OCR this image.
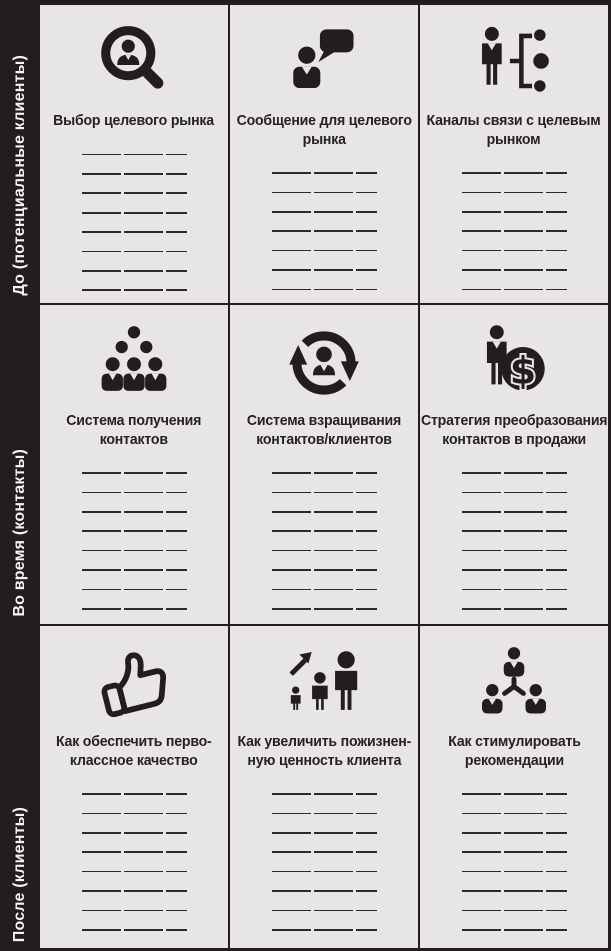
До (потенциальные клиенты)
Во время (контакты)
После (клиенты)
Выбор целевого рынка Сообщение для целевого
рынка
Каналы связи с целевым
рынком
Система получения
контактов
Система взращивания
контактов/клиентов
$
Стратегия преобразования
контактов в продажи
Как обеспечить перво-
классное качество
Как увеличить пожизнен-
ную ценность клиента
Как стимулировать
рекомендации
